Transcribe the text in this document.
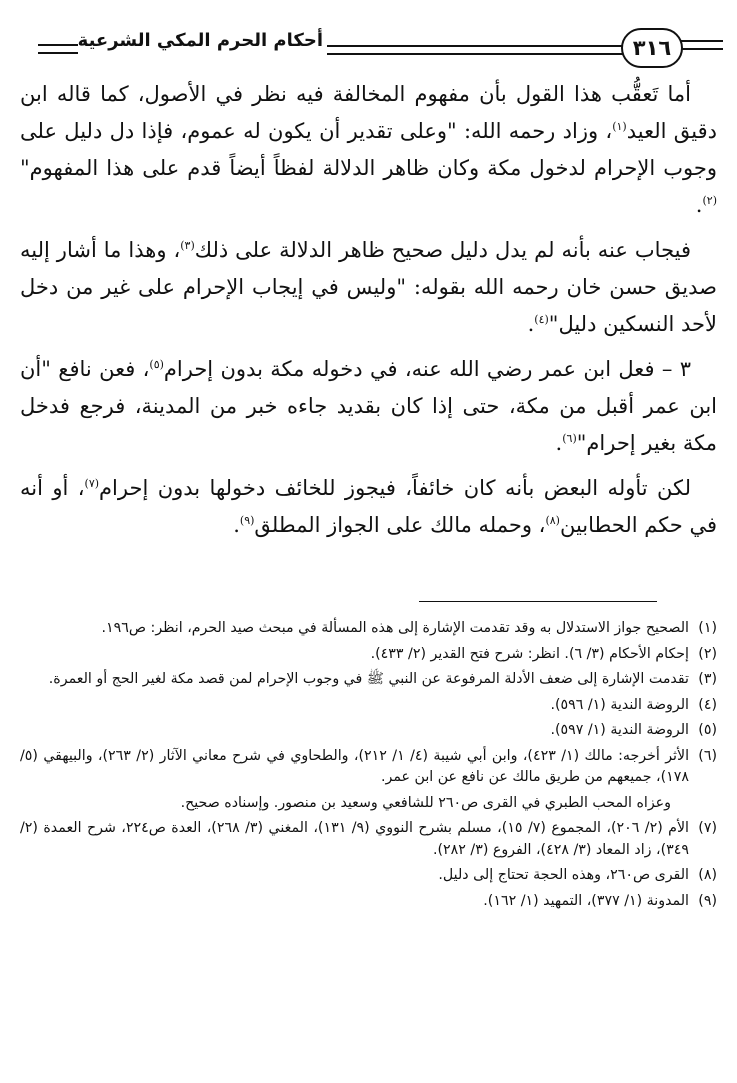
٣١٦
أحكام الحرم المكي الشرعية

أما تَعقُّب هذا القول بأن مفهوم المخالفة فيه نظر في الأصول، كما قاله ابن دقيق العيد$^{(١)}$، وزاد رحمه الله: "وعلى تقدير أن يكون له عموم، فإذا دل دليل على وجوب الإحرام لدخول مكة وكان ظاهر الدلالة لفظاً أيضاً قدم على هذا المفهوم"$^{(٢)}$.

فيجاب عنه بأنه لم يدل دليل صحيح ظاهر الدلالة على ذلك$^{(٣)}$، وهذا ما أشار إليه صديق حسن خان رحمه الله بقوله: "وليس في إيجاب الإحرام على غير من دخل لأحد النسكين دليل"$^{(٤)}$.

٣ – فعل ابن عمر رضي الله عنه، في دخوله مكة بدون إحرام$^{(٥)}$، فعن نافع "أن ابن عمر أقبل من مكة، حتى إذا كان بقديد جاءه خبر من المدينة، فرجع فدخل مكة بغير إحرام"$^{(٦)}$.

لكن تأوله البعض بأنه كان خائفاً، فيجوز للخائف دخولها بدون إحرام$^{(٧)}$، أو أنه في حكم الحطابين$^{(٨)}$، وحمله مالك على الجواز المطلق$^{(٩)}$.

(١)
الصحيح جواز الاستدلال به وقد تقدمت الإشارة إلى هذه المسألة في مبحث صيد الحرم، انظر: ص١٩٦.
(٢)
إحكام الأحكام (٣/ ٦). انظر: شرح فتح القدير (٢/ ٤٣٣).
(٣)
تقدمت الإشارة إلى ضعف الأدلة المرفوعة عن النبي ﷺ في وجوب الإحرام لمن قصد مكة لغير الحج أو العمرة.
(٤)
الروضة الندية (١/ ٥٩٦).
(٥)
الروضة الندية (١/ ٥٩٧).
(٦)
الأثر أخرجه: مالك (١/ ٤٢٣)، وابن أبي شيبة (٤/ ١/ ٢١٢)، والطحاوي في شرح معاني الآثار (٢/ ٢٦٣)، والبيهقي (٥/ ١٧٨)، جميعهم من طريق مالك عن نافع عن ابن عمر.
وعزاه المحب الطبري في القرى ص٢٦٠ للشافعي وسعيد بن منصور. وإسناده صحيح.
(٧)
الأم (٢/ ٢٠٦)، المجموع (٧/ ١٥)، مسلم بشرح النووي (٩/ ١٣١)، المغني (٣/ ٢٦٨)، العدة ص٢٢٤، شرح العمدة (٢/ ٣٤٩)، زاد المعاد (٣/ ٤٢٨)، الفروع (٣/ ٢٨٢).
(٨)
القرى ص٢٦٠، وهذه الحجة تحتاج إلى دليل.
(٩)
المدونة (١/ ٣٧٧)، التمهيد (١/ ١٦٢).
